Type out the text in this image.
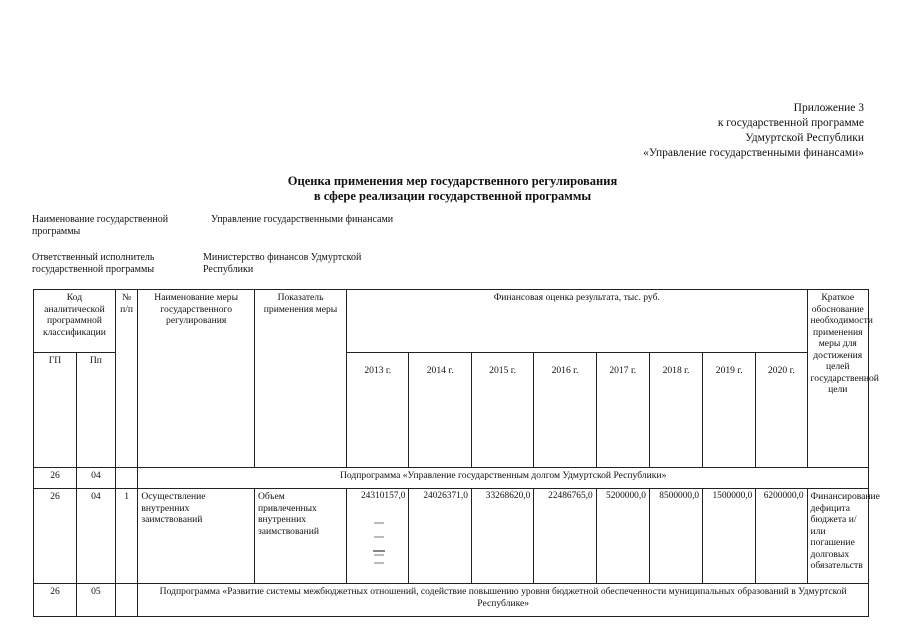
Приложение 3
к государственной программе
Удмуртской Республики
«Управление государственными финансами»
Оценка применения мер государственного регулирования
в сфере реализации государственной программы
Наименование государственной программы
Управление государственными финансами
Ответственный исполнитель государственной программы
Министерство финансов Удмуртской Республики
Код аналитической программной классификации		№ п/п	Наименование меры государственного регулирования	Показатель применения меры	Финансовая оценка результата, тыс. руб.								Краткое обоснование необходимости применения меры для достижения целей государственной цели
ГП	Пп				2013 г.	2014 г.	2015 г.	2016 г.	2017 г.	2018 г.	2019 г.	2020 г.	
26	04		Подпрограмма «Управление государственным долгом Удмуртской Республики»										
26	04	1	Осуществление внутренних заимствований	Объем привлеченных внутренних заимствований	24310157,0	24026371,0	33268620,0	22486765,0	5200000,0	8500000,0	1500000,0	6200000,0	Финансирование дефицита бюджета и/или погашение долговых обязательств
26	05		Подпрограмма «Развитие системы межбюджетных отношений, содействие повышению уровня бюджетной обеспеченности муниципальных образований в Удмуртской Республике»										
